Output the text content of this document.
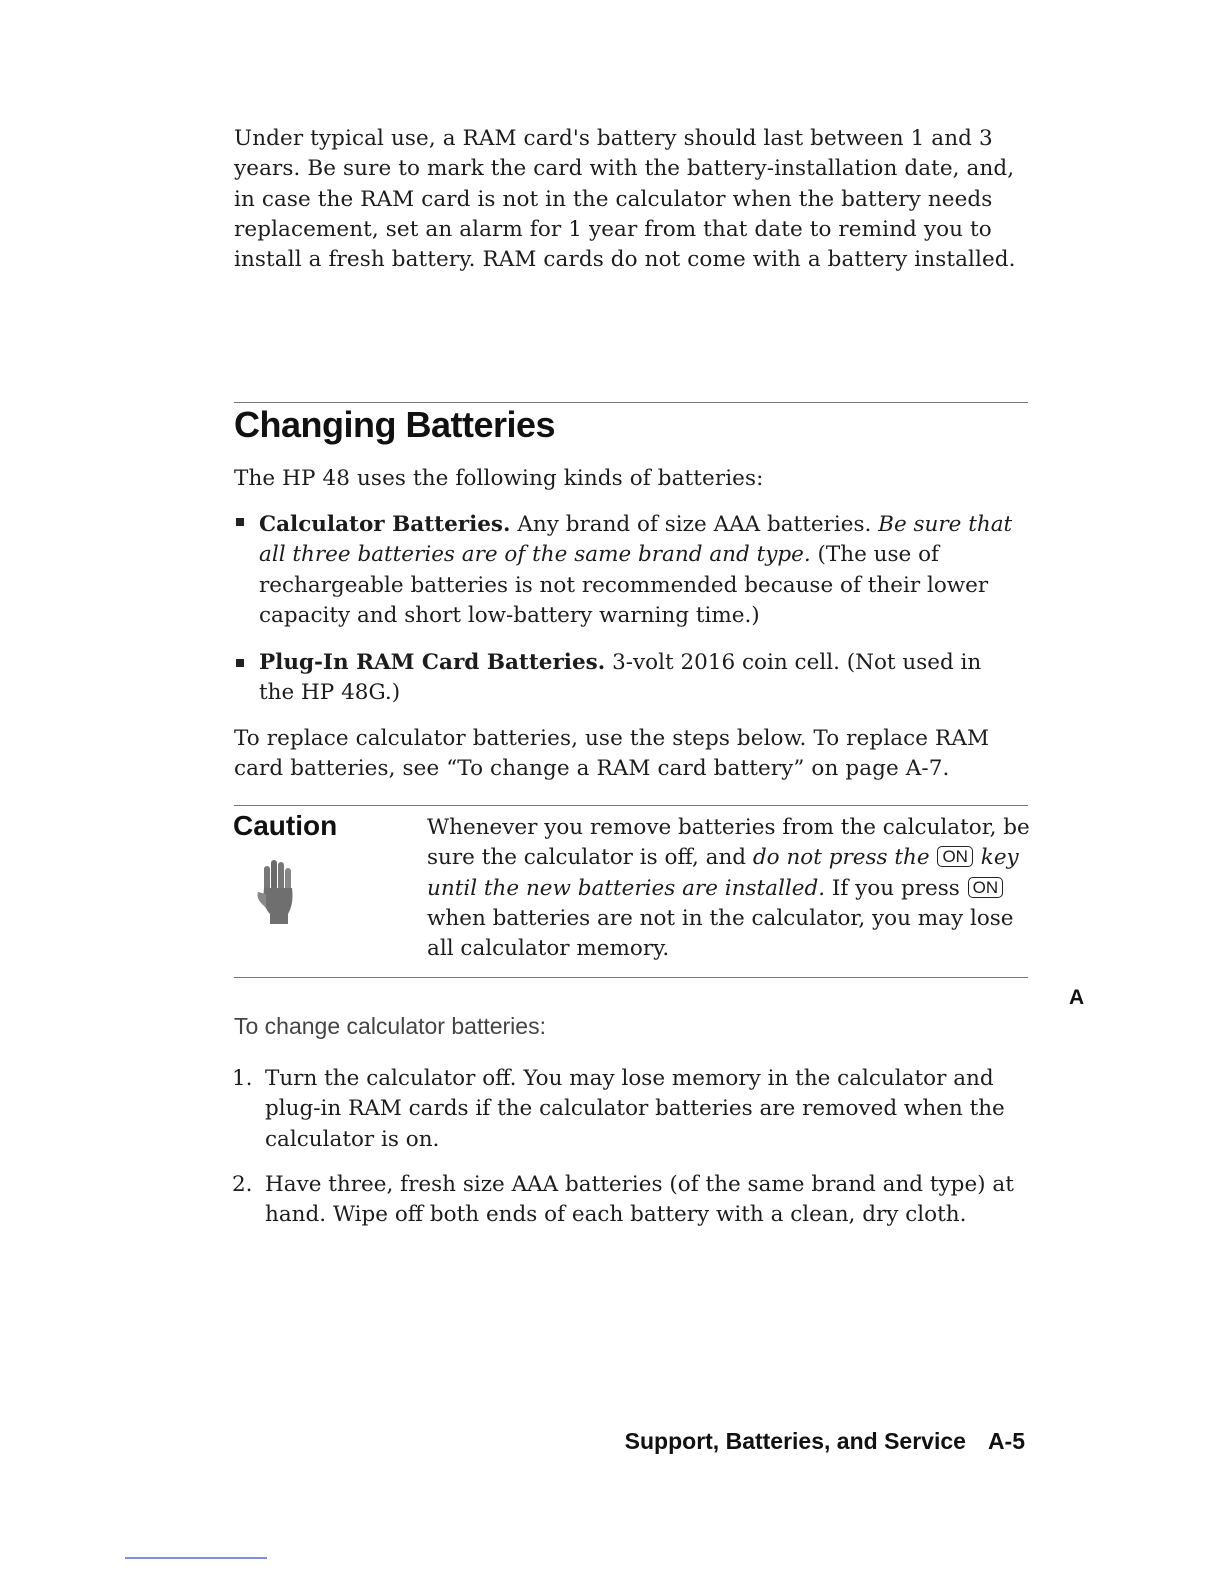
Under typical use, a RAM card's battery should last between 1 and 3 years. Be sure to mark the card with the battery-installation date, and, in case the RAM card is not in the calculator when the battery needs replacement, set an alarm for 1 year from that date to remind you to install a fresh battery. RAM cards do not come with a battery installed.
Changing Batteries
The HP 48 uses the following kinds of batteries:
Calculator Batteries. Any brand of size AAA batteries. Be sure that all three batteries are of the same brand and type. (The use of rechargeable batteries is not recommended because of their lower capacity and short low-battery warning time.)
Plug-In RAM Card Batteries. 3-volt 2016 coin cell. (Not used in the HP 48G.)
To replace calculator batteries, use the steps below. To replace RAM card batteries, see “To change a RAM card battery” on page A-7.
Caution	Whenever you remove batteries from the calculator, be sure the calculator is off, and do not press the ON key until the new batteries are installed. If you press ON when batteries are not in the calculator, you may lose all calculator memory.
A
To change calculator batteries:
1. Turn the calculator off. You may lose memory in the calculator and plug-in RAM cards if the calculator batteries are removed when the calculator is on.
2. Have three, fresh size AAA batteries (of the same brand and type) at hand. Wipe off both ends of each battery with a clean, dry cloth.
Support, Batteries, and Service A-5
